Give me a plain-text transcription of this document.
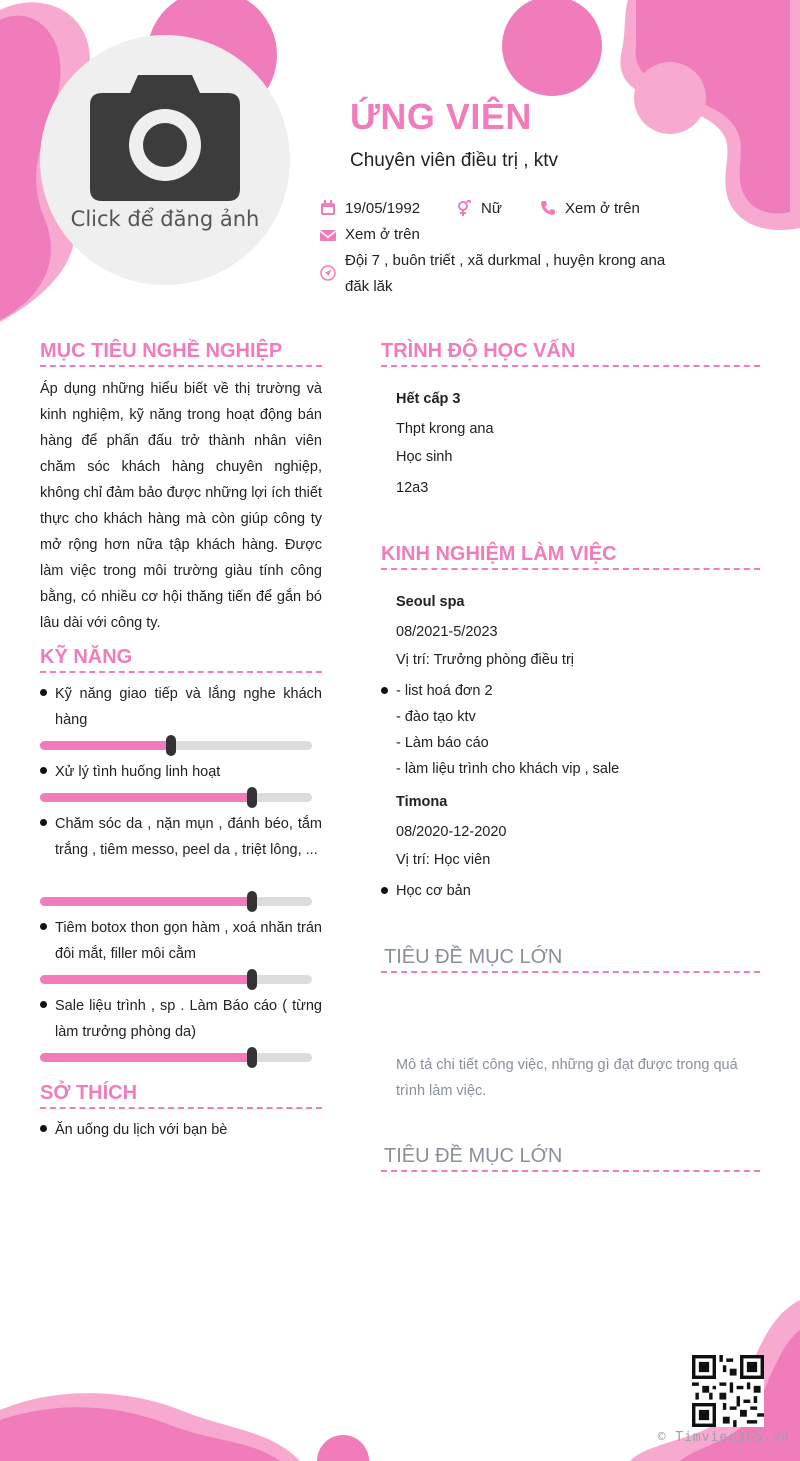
Click để đăng ảnh
ỨNG VIÊN
Chuyên viên điều trị , ktv
19/05/1992	Nữ	Xem ở trên
Xem ở trên
Đội 7 , buôn triết , xã durkmal , huyện krong ana
đăk lăk
MỤC TIÊU NGHỀ NGHIỆP
Áp dụng những hiểu biết về thị trường và kinh nghiệm, kỹ năng trong hoạt động bán hàng để phấn đấu trở thành nhân viên chăm sóc khách hàng chuyên nghiệp, không chỉ đảm bảo được những lợi ích thiết thực cho khách hàng mà còn giúp công ty mở rộng hơn nữa tập khách hàng. Được làm việc trong môi trường giàu tính công bằng, có nhiều cơ hội thăng tiến để gắn bó lâu dài với công ty.
KỸ NĂNG
Kỹ năng giao tiếp và lắng nghe khách hàng
Xử lý tình huống linh hoạt
Chăm sóc da , nặn mụn , đánh béo, tắm trắng , tiêm messo, peel da , triệt lông, ...
Tiêm botox thon gọn hàm , xoá nhăn trán đôi mắt, filler môi cằm
Sale liệu trình , sp . Làm Báo cáo ( từng làm trưởng phòng da)
SỞ THÍCH
Ăn uống du lịch với bạn bè
TRÌNH ĐỘ HỌC VẤN
Hết cấp 3
Thpt krong ana
Học sinh
12a3
KINH NGHIỆM LÀM VIỆC
Seoul spa
08/2021-5/2023
Vị trí: Trưởng phòng điều trị
- list hoá đơn 2
- đào tạo ktv
- Làm báo cáo
- làm liệu trình cho khách vip , sale
Timona
08/2020-12-2020
Vị trí: Học viên
Học cơ bản
TIÊU ĐỀ MỤC LỚN
Mô tả chi tiết công việc, những gì đạt được trong quá trình làm việc.
TIÊU ĐỀ MỤC LỚN
© Timviec365.vn
